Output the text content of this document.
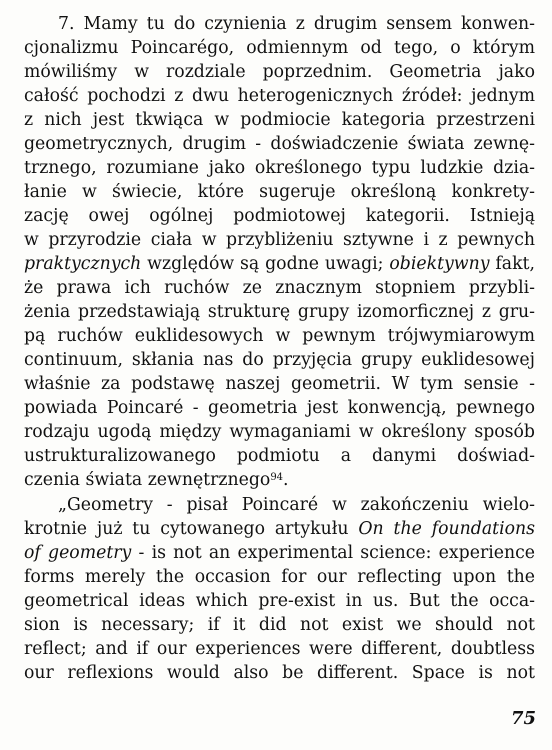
7. Mamy tu do czynienia z drugim sensem konwen-
cjonalizmu Poincarégo, odmiennym od tego, o którym
mówiliśmy w rozdziale poprzednim. Geometria jako
całość pochodzi z dwu heterogenicznych źródeł: jednym
z nich jest tkwiąca w podmiocie kategoria przestrzeni
geometrycznych, drugim - doświadczenie świata zewnę-
trznego, rozumiane jako określonego typu ludzkie dzia-
łanie w świecie, które sugeruje określoną konkrety-
zację owej ogólnej podmiotowej kategorii. Istnieją
w przyrodzie ciała w przybliżeniu sztywne i z pewnych
praktycznych względów są godne uwagi; obiektywny fakt,
że prawa ich ruchów ze znacznym stopniem przybli-
żenia przedstawiają strukturę grupy izomorficznej z gru-
pą ruchów euklidesowych w pewnym trójwymiarowym
continuum, skłania nas do przyjęcia grupy euklidesowej
właśnie za podstawę naszej geometrii. W tym sensie -
powiada Poincaré - geometria jest konwencją, pewnego
rodzaju ugodą między wymaganiami w określony sposób
ustrukturalizowanego podmiotu a danymi doświad-
czenia świata zewnętrznego$^{94}$.
„Geometry - pisał Poincaré w zakończeniu wielo-
krotnie już tu cytowanego artykułu On the foundations
of geometry - is not an experimental science: experience
forms merely the occasion for our reflecting upon the
geometrical ideas which pre-exist in us. But the occa-
sion is necessary; if it did not exist we should not
reflect; and if our experiences were different, doubtless
our reflexions would also be different. Space is not
75
